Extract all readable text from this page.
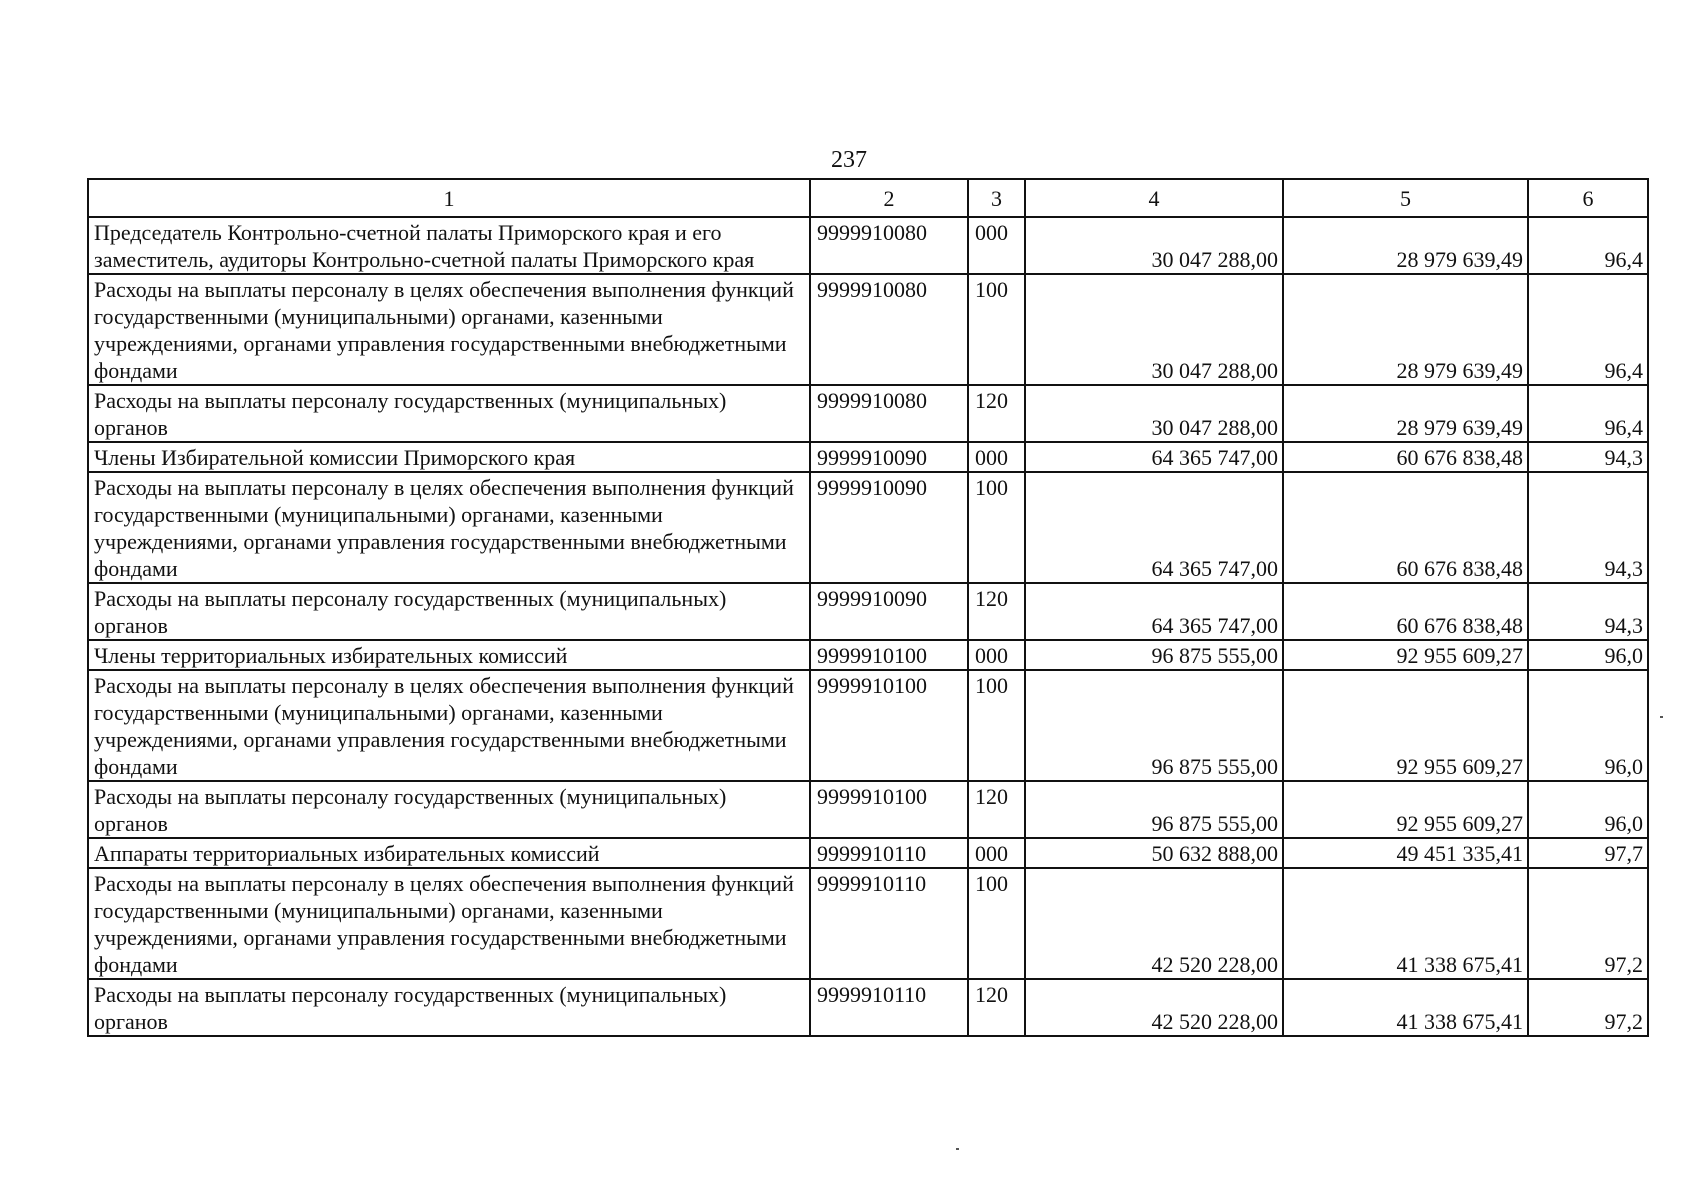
237
1	2	3	4	5	6
Председатель Контрольно-счетной палаты Приморского края и его заместитель, аудиторы Контрольно-счетной палаты Приморского края	9999910080	000	30 047 288,00	28 979 639,49	96,4
Расходы на выплаты персоналу в целях обеспечения выполнения функций государственными (муниципальными) органами, казенными учреждениями, органами управления государственными внебюджетными фондами	9999910080	100	30 047 288,00	28 979 639,49	96,4
Расходы на выплаты персоналу государственных (муниципальных) органов	9999910080	120	30 047 288,00	28 979 639,49	96,4
Члены Избирательной комиссии Приморского края	9999910090	000	64 365 747,00	60 676 838,48	94,3
Расходы на выплаты персоналу в целях обеспечения выполнения функций государственными (муниципальными) органами, казенными учреждениями, органами управления государственными внебюджетными фондами	9999910090	100	64 365 747,00	60 676 838,48	94,3
Расходы на выплаты персоналу государственных (муниципальных) органов	9999910090	120	64 365 747,00	60 676 838,48	94,3
Члены территориальных избирательных комиссий	9999910100	000	96 875 555,00	92 955 609,27	96,0
Расходы на выплаты персоналу в целях обеспечения выполнения функций государственными (муниципальными) органами, казенными учреждениями, органами управления государственными внебюджетными фондами	9999910100	100	96 875 555,00	92 955 609,27	96,0
Расходы на выплаты персоналу государственных (муниципальных) органов	9999910100	120	96 875 555,00	92 955 609,27	96,0
Аппараты территориальных избирательных комиссий	9999910110	000	50 632 888,00	49 451 335,41	97,7
Расходы на выплаты персоналу в целях обеспечения выполнения функций государственными (муниципальными) органами, казенными учреждениями, органами управления государственными внебюджетными фондами	9999910110	100	42 520 228,00	41 338 675,41	97,2
Расходы на выплаты персоналу государственных (муниципальных) органов	9999910110	120	42 520 228,00	41 338 675,41	97,2
